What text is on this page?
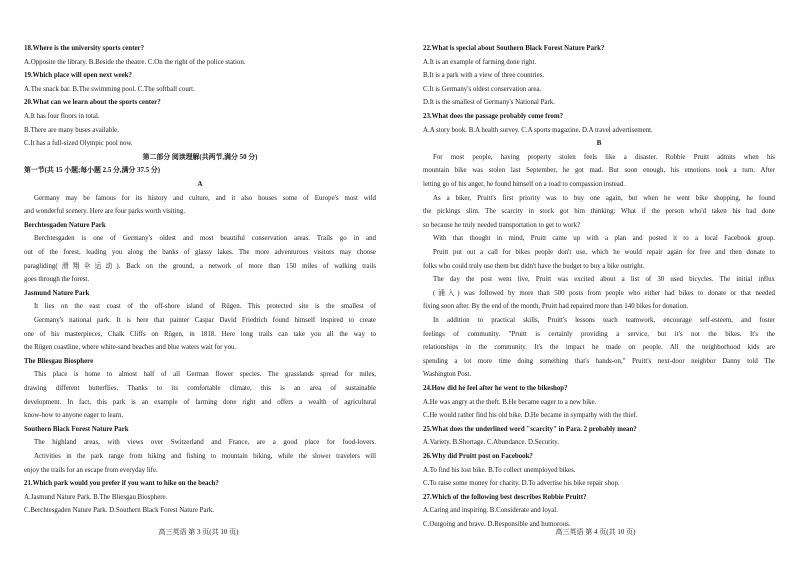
18.Where is the university sports center?
A.Opposite the library. B.Beside the theatre. C.On the right of the police station.
19.Which place will open next week?
A.The snack bar. B.The swimming pool. C.The softball court.
20.What can we learn about the sports center?
A.It has four floors in total.
B.There are many buses available.
C.It has a full-sized Olympic pool now.
第二部分 阅读理解(共两节,满分 50 分)
第一节(共 15 小题;每小题 2.5 分,满分 37.5 分)
A
Germany may be famous for its history and culture, and it also houses some of Europe's most wild
and wonderful scenery. Here are four parks worth visiting.
Berchtesgaden Nature Park
Berchtesgaden is one of Germany's oldest and most beautiful conservation areas. Trails go in and
out of the forest, leading you along the banks of glassy lakes. The more adventurous visitors may choose
paragliding(滑翔伞运动). Back on the ground, a network of more than 150 miles of walking trails
goes through the forest.
Jasmund Nature Park
It lies on the east coast of the off-shore island of Rügen. This protected site is the smallest of
Germany's national park. It is here that painter Caspar David Friedrich found himself inspired to create
one of his masterpieces, Chalk Cliffs on Rügen, in 1818. Here long trails can take you all the way to
the Rügen coastline, where white-sand beaches and blue waters wait for you.
The Bliesgau Biosphere
This place is home to almost half of all German flower species. The grasslands spread for miles,
drawing different butterflies. Thanks to its comfortable climate, this is an area of sustainable
development. In fact, this park is an example of farming done right and offers a wealth of agricultural
know-how to anyone eager to learn.
Southern Black Forest Nature Park
The highland areas, with views over Switzerland and France, are a good place for food-lovers.
Activities in the park range from hiking and fishing to mountain biking, while the slower travelers will
enjoy the trails for an escape from everyday life.
21.Which park would you prefer if you want to hike on the beach?
A.Jasmund Nature Park. B.The Bliesgau Biosphere.
C.Berchtesgaden Nature Park. D.Southern Black Forest Nature Park.
高三英语 第 3 页(共 10 页)
22.What is special about Southern Black Forest Nature Park?
A.It is an example of farming done right.
B.It is a park with a view of three countries.
C.It is Germany's oldest conservation area.
D.It is the smallest of Germany's National Park.
23.What does the passage probably come from?
A.A story book. B.A health survey. C.A sports magazine. D.A travel advertisement.
B
For most people, having property stolen feels like a disaster. Robbie Pruitt admits when his
mountain bike was stolen last September, he got mad. But soon enough, his emotions took a turn. After
letting go of his anger, he found himself on a road to compassion instead.
As a biker, Pruitt's first priority was to buy one again, but when he went bike shopping, he found
the pickings slim. The scarcity in stock got him thinking: What if the person who'd taken his had done
so because he truly needed transportation to get to work?
With that thought in mind, Pruitt came up with a plan and posted it to a local Facebook group.
Pruitt put out a call for bikes people don't use, which he would repair again for free and then donate to
folks who could truly use them but didn't have the budget to buy a bike outright.
The day the post went live, Pruitt was excited about a list of 30 used bicycles. The initial influx
(涌入) was followed by more than 500 posts from people who either had bikes to donate or that needed
fixing soon after. By the end of the month, Pruitt had repaired more than 140 bikes for donation.
In addition to practical skills, Pruitt's lessons teach teamwork, encourage self-esteem, and foster
feelings of community. "Pruitt is certainly providing a service, but it's not the bikes. It's the
relationships in the community. It's the impact he made on people. All the neighborhood kids are
spending a lot more time doing something that's hands-on," Pruitt's next-door neighbor Danny told The
Washington Post.
24.How did he feel after he went to the bikeshop?
A.He was angry at the theft. B.He became eager to a new bike.
C.He would rather find his old bike. D.He became in sympathy with the thief.
25.What does the underlined word "scarcity" in Para. 2 probably mean?
A.Variety. B.Shortage. C.Abundance. D.Security.
26.Why did Pruitt post on Facebook?
A.To find his lost bike. B.To collect unemployed bikes.
C.To raise some money for charity. D.To advertise his bike repair shop.
27.Which of the following best describes Robbie Pruitt?
A.Caring and inspiring. B.Considerate and loyal.
C.Outgoing and brave. D.Responsible and humorous.
高三英语 第 4 页(共 10 页)
